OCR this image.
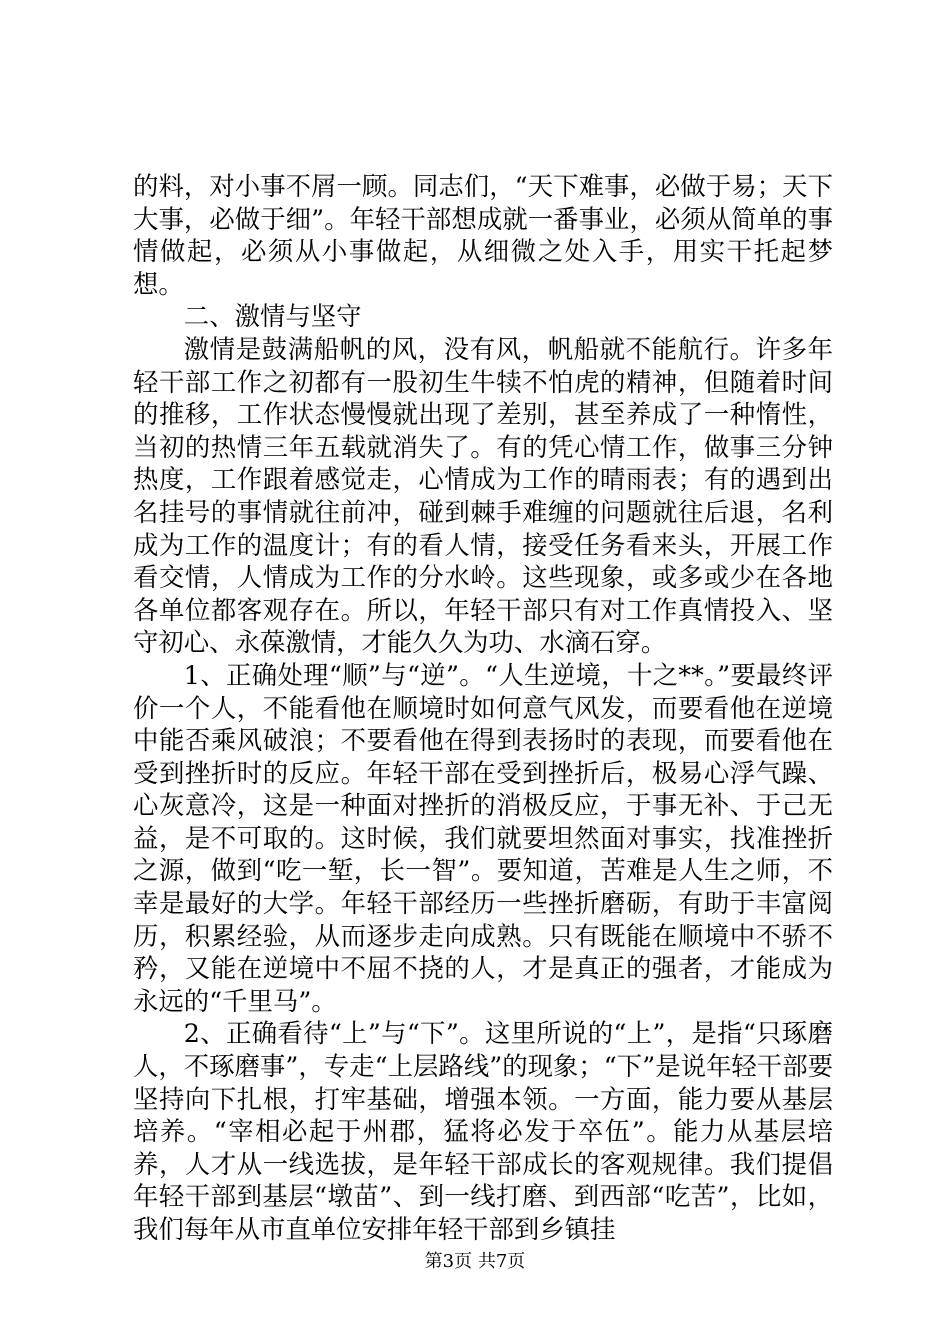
的料，对小事不屑一顾。同志们，“天下难事，必做于易；天下大事，必做于细”。年轻干部想成就一番事业，必须从简单的事情做起，必须从小事做起，从细微之处入手，用实干托起梦想。

二、激情与坚守

激情是鼓满船帆的风，没有风，帆船就不能航行。许多年轻干部工作之初都有一股初生牛犊不怕虎的精神，但随着时间的推移，工作状态慢慢就出现了差别，甚至养成了一种惰性，当初的热情三年五载就消失了。有的凭心情工作，做事三分钟热度，工作跟着感觉走，心情成为工作的晴雨表；有的遇到出名挂号的事情就往前冲，碰到棘手难缠的问题就往后退，名利成为工作的温度计；有的看人情，接受任务看来头，开展工作看交情，人情成为工作的分水岭。这些现象，或多或少在各地各单位都客观存在。所以，年轻干部只有对工作真情投入、坚守初心、永葆激情，才能久久为功、水滴石穿。

1、正确处理“顺”与“逆”。“人生逆境，十之**。”要最终评价一个人，不能看他在顺境时如何意气风发，而要看他在逆境中能否乘风破浪；不要看他在得到表扬时的表现，而要看他在受到挫折时的反应。年轻干部在受到挫折后，极易心浮气躁、心灰意冷，这是一种面对挫折的消极反应，于事无补、于己无益，是不可取的。这时候，我们就要坦然面对事实，找准挫折之源，做到“吃一堑，长一智”。要知道，苦难是人生之师，不幸是最好的大学。年轻干部经历一些挫折磨砺，有助于丰富阅历，积累经验，从而逐步走向成熟。只有既能在顺境中不骄不矜，又能在逆境中不屈不挠的人，才是真正的强者，才能成为永远的“千里马”。

2、正确看待“上”与“下”。这里所说的“上”，是指“只琢磨人，不琢磨事”，专走“上层路线”的现象；“下”是说年轻干部要坚持向下扎根，打牢基础，增强本领。一方面，能力要从基层培养。“宰相必起于州郡，猛将必发于卒伍”。能力从基层培养，人才从一线选拔，是年轻干部成长的客观规律。我们提倡年轻干部到基层“墩苗”、到一线打磨、到西部“吃苦”，比如，我们每年从市直单位安排年轻干部到乡镇挂

第3页 共7页
